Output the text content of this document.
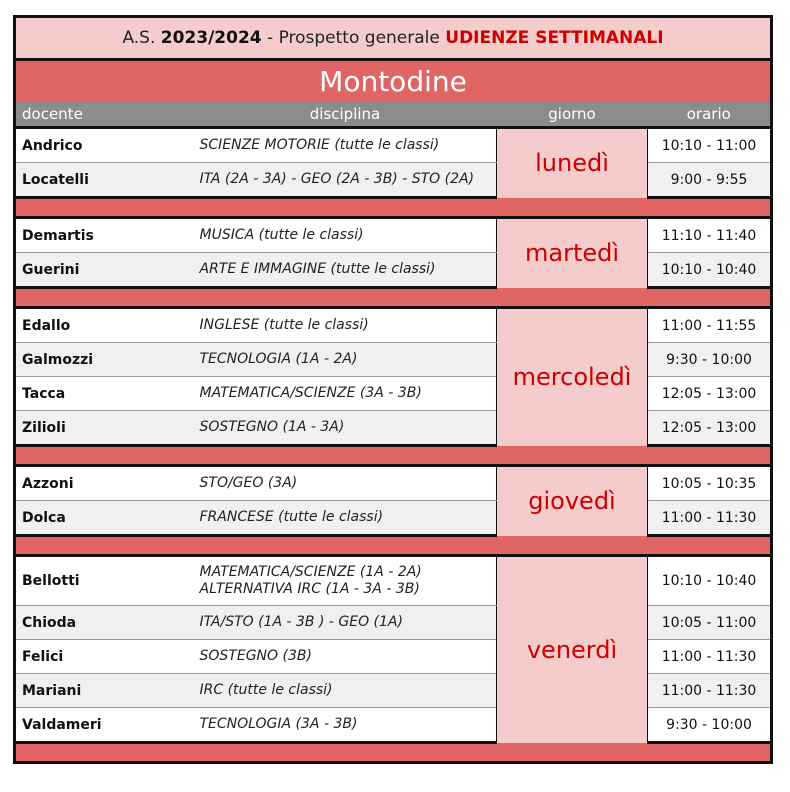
A.S. 2023/2024 - Prospetto generale UDIENZE SETTIMANALI			
Montodine			
docente	disciplina	giorno	orario
Andrico	SCIENZE MOTORIE (tutte le classi)	lunedì	10:10 - 11:00
Locatelli	ITA (2A - 3A) - GEO (2A - 3B) - STO (2A)		9:00 - 9:55

Demartis	MUSICA (tutte le classi)	martedì	11:10 - 11:40
Guerini	ARTE E IMMAGINE (tutte le classi)		10:10 - 10:40

Edallo	INGLESE (tutte le classi)	mercoledì	11:00 - 11:55
Galmozzi	TECNOLOGIA (1A - 2A)		9:30 - 10:00
Tacca	MATEMATICA/SCIENZE (3A - 3B)		12:05 - 13:00
Zilioli	SOSTEGNO (1A - 3A)		12:05 - 13:00

Azzoni	STO/GEO (3A)	giovedì	10:05 - 10:35
Dolca	FRANCESE (tutte le classi)		11:00 - 11:30

Bellotti	MATEMATICA/SCIENZE (1A - 2A)
ALTERNATIVA IRC (1A - 3A - 3B)	venerdì	10:10 - 10:40
Chioda	ITA/STO (1A - 3B ) - GEO (1A)		10:05 - 11:00
Felici	SOSTEGNO (3B)		11:00 - 11:30
Mariani	IRC (tutte le classi)		11:00 - 11:30
Valdameri	TECNOLOGIA (3A - 3B)		9:30 - 10:00
